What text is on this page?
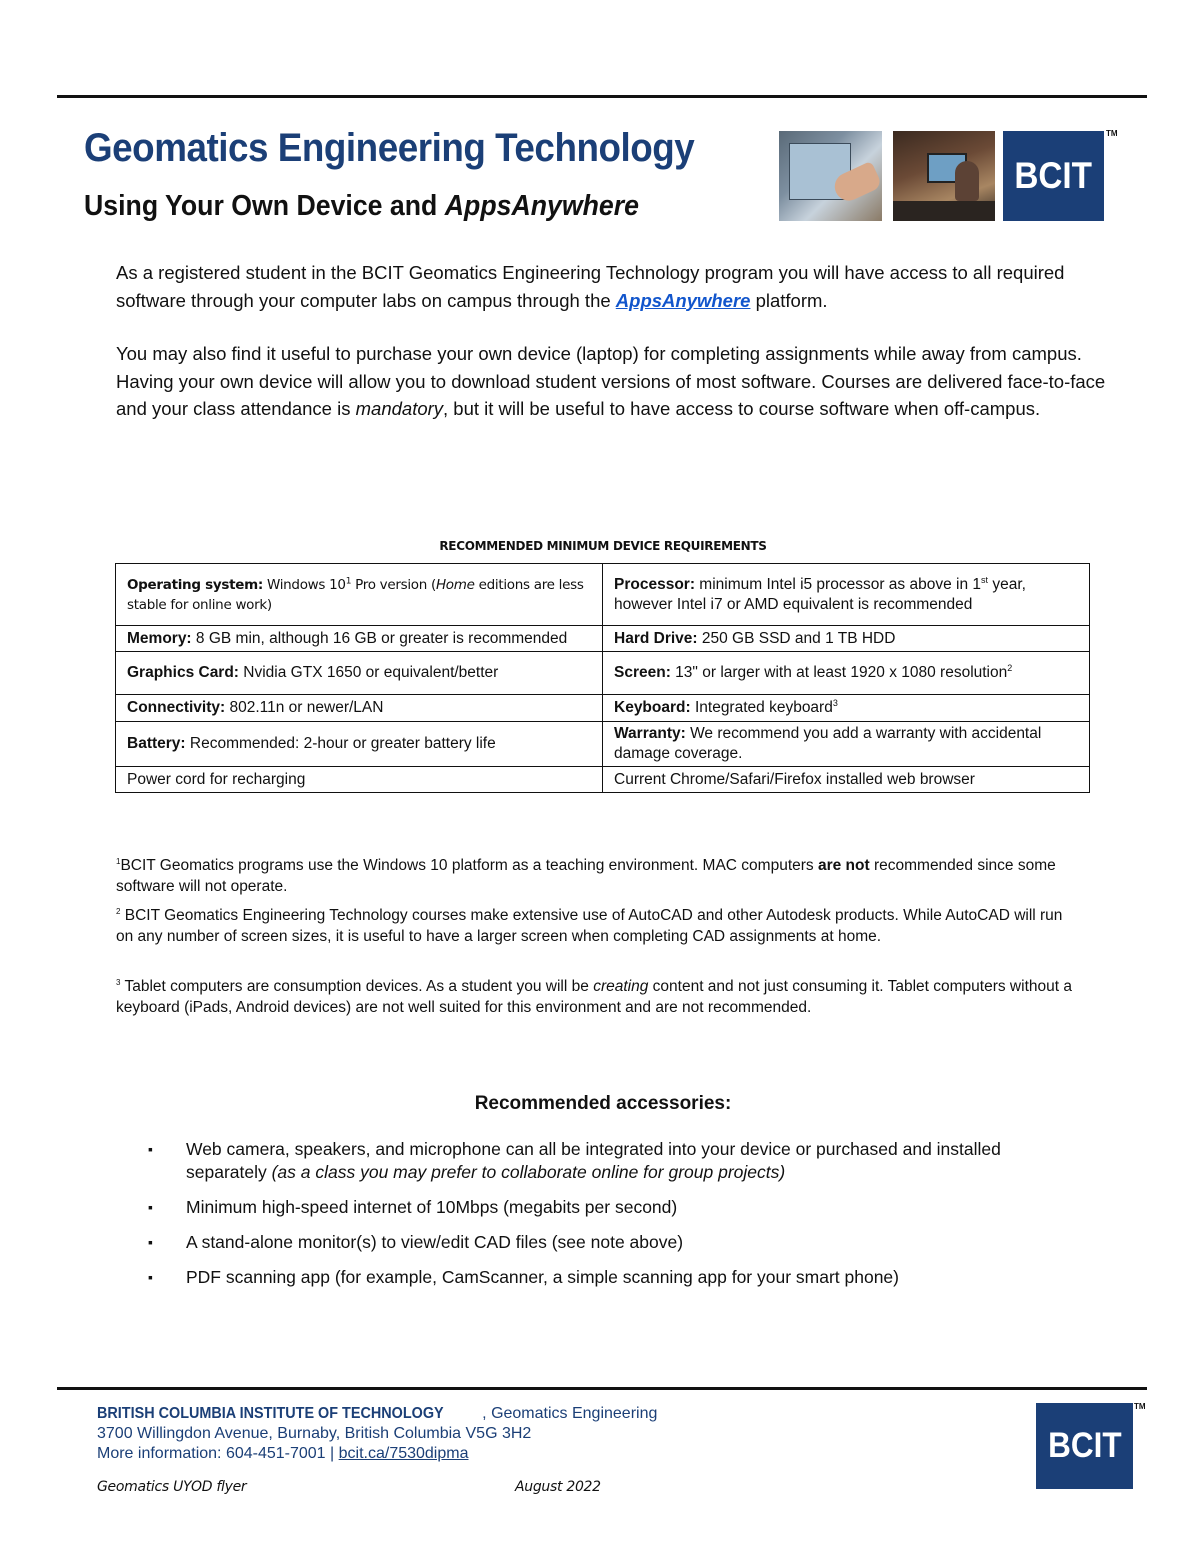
Geomatics Engineering Technology
Using Your Own Device and AppsAnywhere
BCIT
TM

As a registered student in the BCIT Geomatics Engineering Technology program you will have access to all required software through your computer labs on campus through the AppsAnywhere platform.

You may also find it useful to purchase your own device (laptop) for completing assignments while away from campus. Having your own device will allow you to download student versions of most software. Courses are delivered face-to-face and your class attendance is mandatory, but it will be useful to have access to course software when off-campus.

RECOMMENDED MINIMUM DEVICE REQUIREMENTS

Operating system: Windows $10^1$ Pro version (Home editions are less stable for online work)	Processor: minimum Intel i5 processor as above in 1st year, however Intel i7 or AMD equivalent is recommended
Memory: 8 GB min, although 16 GB or greater is recommended	Hard Drive: 250 GB SSD and 1 TB HDD
Graphics Card: Nvidia GTX 1650 or equivalent/better	Screen: 13" or larger with at least 1920 x 1080 resolution$^2$
Connectivity: 802.11n or newer/LAN	Keyboard: Integrated keyboard$^3$
Battery: Recommended: 2-hour or greater battery life	Warranty: We recommend you add a warranty with accidental damage coverage.
Power cord for recharging	Current Chrome/Safari/Firefox installed web browser

$^1$BCIT Geomatics programs use the Windows 10 platform as a teaching environment. MAC computers are not recommended since some software will not operate.

$^2$ BCIT Geomatics Engineering Technology courses make extensive use of AutoCAD and other Autodesk products. While AutoCAD will run on any number of screen sizes, it is useful to have a larger screen when completing CAD assignments at home.

$^3$ Tablet computers are consumption devices. As a student you will be creating content and not just consuming it. Tablet computers without a keyboard (iPads, Android devices) are not well suited for this environment and are not recommended.

Recommended accessories:

▪ Web camera, speakers, and microphone can all be integrated into your device or purchased and installed separately (as a class you may prefer to collaborate online for group projects)
▪ Minimum high-speed internet of 10Mbps (megabits per second)
▪ A stand-alone monitor(s) to view/edit CAD files (see note above)
▪ PDF scanning app (for example, CamScanner, a simple scanning app for your smart phone)
BRITISH COLUMBIA INSTITUTE OF TECHNOLOGY , Geomatics Engineering
3700 Willingdon Avenue, Burnaby, British Columbia V5G 3H2
More information: 604-451-7001 | bcit.ca/7530dipma	BCIT
TM
Geomatics UYOD flyer	August 2022
